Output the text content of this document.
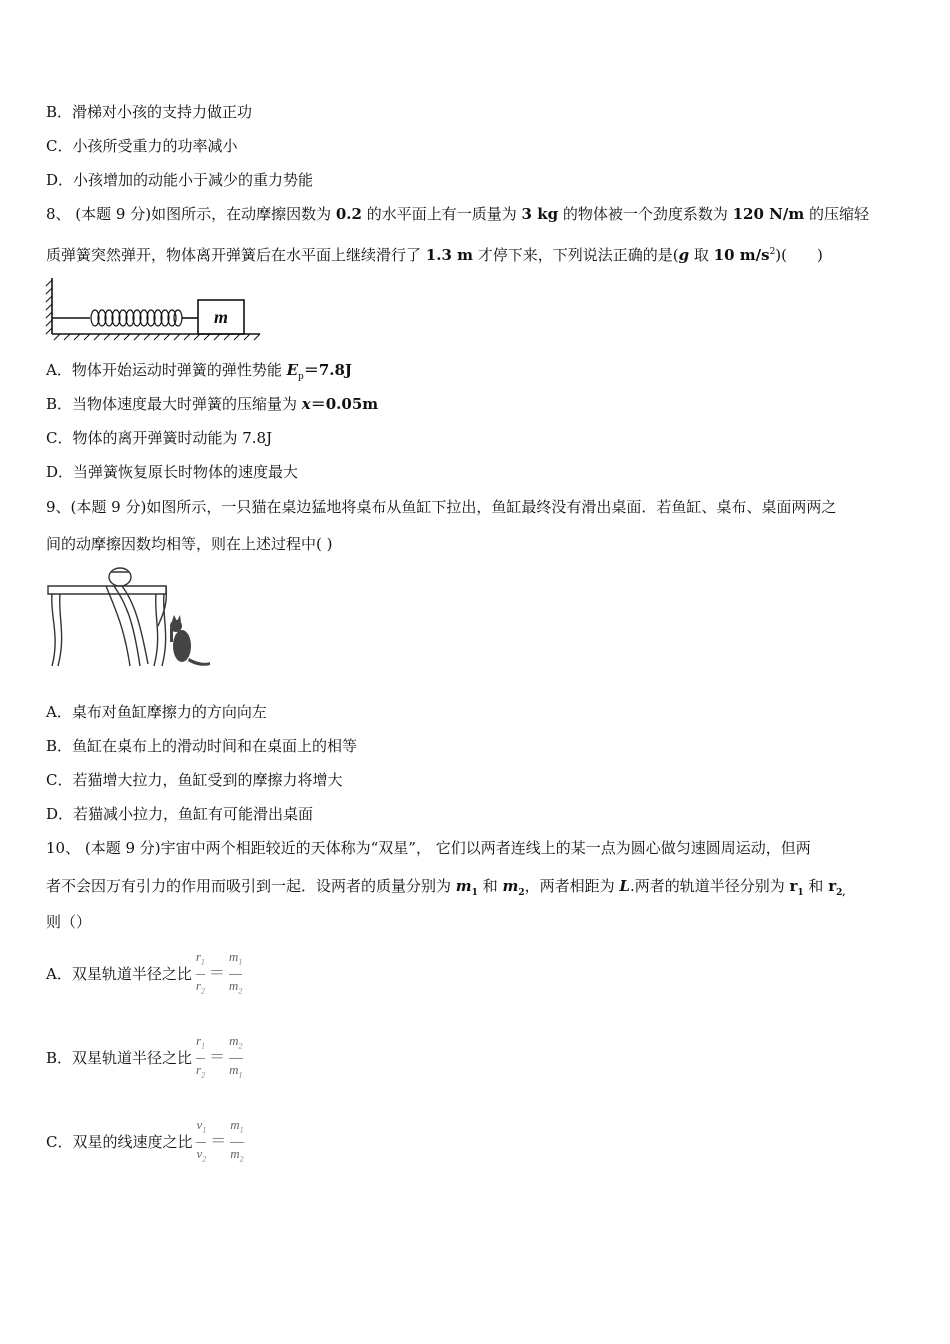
B．滑梯对小孩的支持力做正功
C．小孩所受重力的功率减小
D．小孩增加的动能小于减少的重力势能
8、 (本题 9 分)如图所示，在动摩擦因数为 0.2 的水平面上有一质量为 3 kg 的物体被一个劲度系数为 120 N/m 的压缩轻
质弹簧突然弹开，物体离开弹簧后在水平面上继续滑行了 1.3 m 才停下来，下列说法正确的是(g 取 10 $m/s^2$)(　　)
m
A．物体开始运动时弹簧的弹性势能 $E_p=7.8J$
B．当物体速度最大时弹簧的压缩量为 x＝0.05m
C．物体的离开弹簧时动能为 7.8J
D．当弹簧恢复原长时物体的速度最大
9、(本题 9 分)如图所示，一只猫在桌边猛地将桌布从鱼缸下拉出，鱼缸最终没有滑出桌面．若鱼缸、桌布、桌面两两之
间的动摩擦因数均相等，则在上述过程中( )
A．桌布对鱼缸摩擦力的方向向左
B．鱼缸在桌布上的滑动时间和在桌面上的相等
C．若猫增大拉力，鱼缸受到的摩擦力将增大
D．若猫减小拉力，鱼缸有可能滑出桌面
10、 (本题 9 分)宇宙中两个相距较近的天体称为“双星”， 它们以两者连线上的某一点为圆心做匀速圆周运动，但两
者不会因万有引力的作用而吸引到一起．设两者的质量分别为 $m_1$ 和 $m_2$，两者相距为 L.两者的轨道半径分别为 $r_1$ 和 $r_{2,}$
则（）
A．双星轨道半径之比 $\frac{r_1}{r_2} = \frac{m_1}{m_2}$
B．双星轨道半径之比 $\frac{r_1}{r_2} = \frac{m_2}{m_1}$
C．双星的线速度之比 $\frac{v_1}{v_2} = \frac{m_1}{m_2}$
